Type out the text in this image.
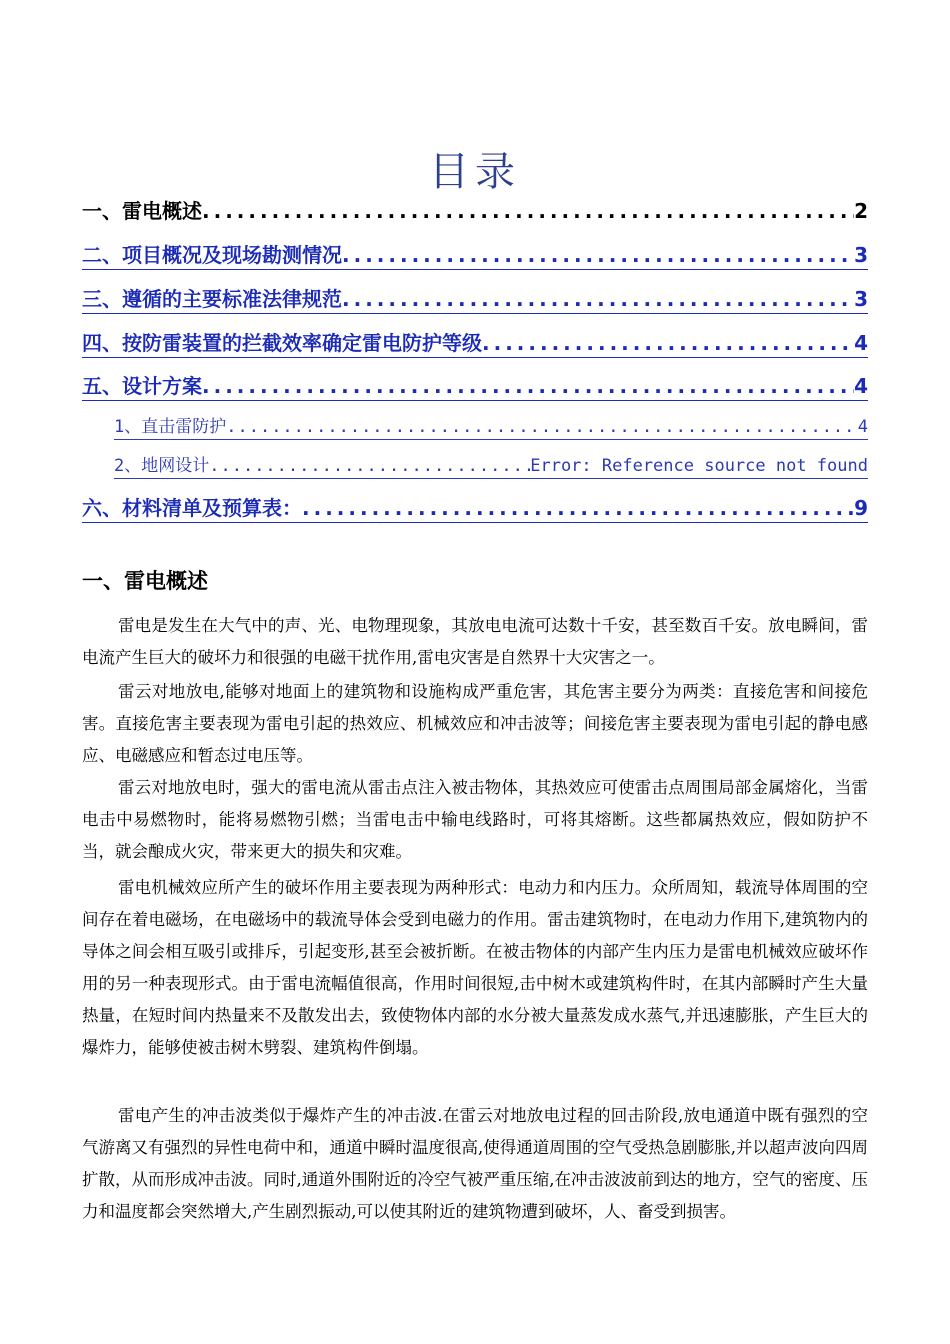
目录
一、雷电概述 .....	2
二、项目概况及现场勘测情况 .....	3
三、遵循的主要标准法律规范 .....	3
四、按防雷装置的拦截效率确定雷电防护等级 .....	4
五、设计方案 .....	4
1、直击雷防护 .....	4
2、地网设计 .....	Error: Reference source not found
六、材料清单及预算表： .....	9
一、雷电概述

雷电是发生在大气中的声、光、电物理现象，其放电电流可达数十千安，甚至数百千安。放电瞬间，雷电流产生巨大的破坏力和很强的电磁干扰作用,雷电灾害是自然界十大灾害之一。

雷云对地放电,能够对地面上的建筑物和设施构成严重危害，其危害主要分为两类：直接危害和间接危害。直接危害主要表现为雷电引起的热效应、机械效应和冲击波等；间接危害主要表现为雷电引起的静电感应、电磁感应和暂态过电压等。

雷云对地放电时，强大的雷电流从雷击点注入被击物体，其热效应可使雷击点周围局部金属熔化，当雷电击中易燃物时，能将易燃物引燃；当雷电击中输电线路时，可将其熔断。这些都属热效应，假如防护不当，就会酿成火灾，带来更大的损失和灾难。

雷电机械效应所产生的破坏作用主要表现为两种形式：电动力和内压力。众所周知，载流导体周围的空间存在着电磁场，在电磁场中的载流导体会受到电磁力的作用。雷击建筑物时，在电动力作用下,建筑物内的导体之间会相互吸引或排斥，引起变形,甚至会被折断。在被击物体的内部产生内压力是雷电机械效应破坏作用的另一种表现形式。由于雷电流幅值很高，作用时间很短,击中树木或建筑构件时，在其内部瞬时产生大量热量，在短时间内热量来不及散发出去，致使物体内部的水分被大量蒸发成水蒸气,并迅速膨胀，产生巨大的爆炸力，能够使被击树木劈裂、建筑构件倒塌。

雷电产生的冲击波类似于爆炸产生的冲击波.在雷云对地放电过程的回击阶段,放电通道中既有强烈的空气游离又有强烈的异性电荷中和，通道中瞬时温度很高,使得通道周围的空气受热急剧膨胀,并以超声波向四周扩散，从而形成冲击波。同时,通道外围附近的冷空气被严重压缩,在冲击波波前到达的地方，空气的密度、压力和温度都会突然增大,产生剧烈振动,可以使其附近的建筑物遭到破坏，人、畜受到损害。
